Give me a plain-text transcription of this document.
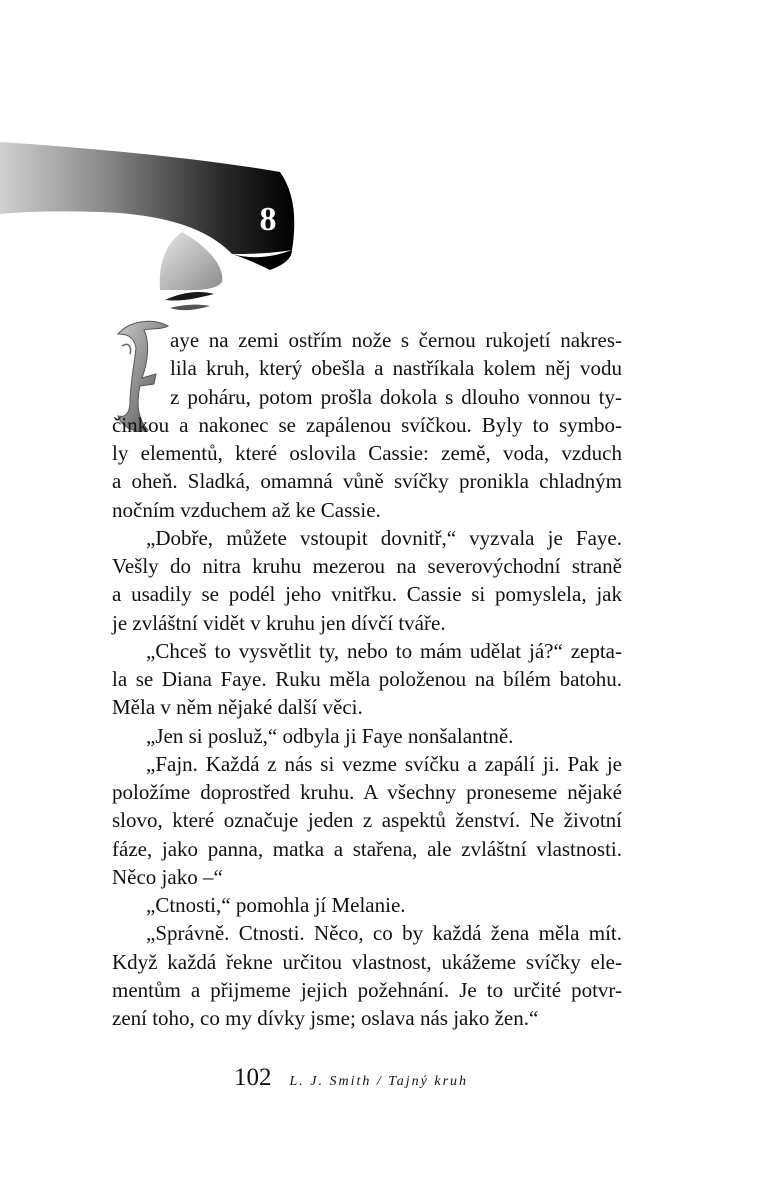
8

aye na zemi ostřím nože s černou rukojetí nakres-

lila kruh, který obešla a nastříkala kolem něj vodu

z poháru, potom prošla dokola s dlouho vonnou ty-

činkou a nakonec se zapálenou svíčkou. Byly to symbo-

ly elementů, které oslovila Cassie: země, voda, vzduch

a oheň. Sladká, omamná vůně svíčky pronikla chladným

nočním vzduchem až ke Cassie.

„Dobře, můžete vstoupit dovnitř,“ vyzvala je Faye.

Vešly do nitra kruhu mezerou na severovýchodní straně

a usadily se podél jeho vnitřku. Cassie si pomyslela, jak

je zvláštní vidět v kruhu jen dívčí tváře.

„Chceš to vysvětlit ty, nebo to mám udělat já?“ zepta-

la se Diana Faye. Ruku měla položenou na bílém batohu.

Měla v něm nějaké další věci.

„Jen si posluž,“ odbyla ji Faye nonšalantně.

„Fajn. Každá z nás si vezme svíčku a zapálí ji. Pak je

položíme doprostřed kruhu. A všechny proneseme nějaké

slovo, které označuje jeden z aspektů ženství. Ne životní

fáze, jako panna, matka a stařena, ale zvláštní vlastnosti.

Něco jako –“

„Ctnosti,“ pomohla jí Melanie.

„Správně. Ctnosti. Něco, co by každá žena měla mít.

Když každá řekne určitou vlastnost, ukážeme svíčky ele-

mentům a přijmeme jejich požehnání. Je to určité potvr-

zení toho, co my dívky jsme; oslava nás jako žen.“

102 L. J. Smith / Tajný kruh
